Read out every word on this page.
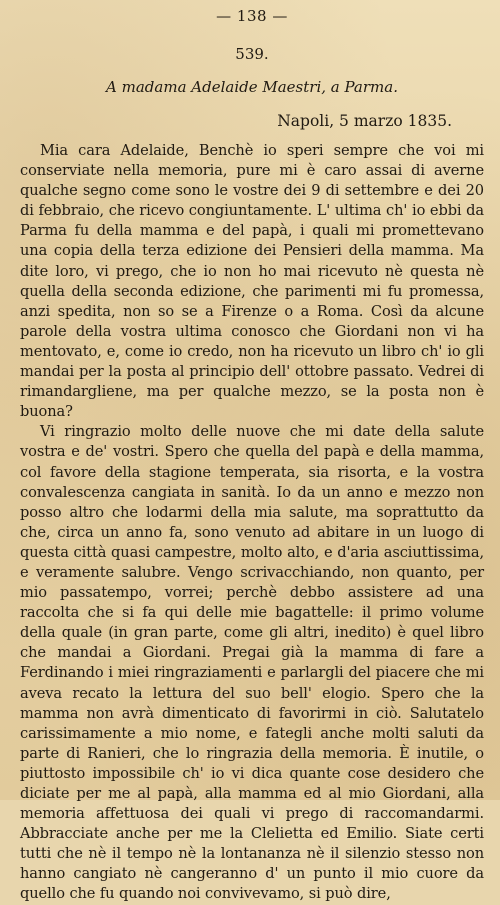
— 138 —
539.
A madama Adelaide Maestri, a Parma.
Napoli, 5 marzo 1835.

Mia cara Adelaide, Benchè io speri sempre che voi mi conserviate nella memoria, pure mi è caro assai di averne qualche segno come sono le vostre dei 9 di settembre e dei 20 di febbraio, che ricevo congiuntamente. L' ultima ch' io ebbi da Parma fu della mamma e del papà, i quali mi promettevano una copia della terza edizione dei Pensieri della mamma. Ma dite loro, vi prego, che io non ho mai ricevuto nè questa nè quella della seconda edizione, che parimenti mi fu promessa, anzi spedita, non so se a Firenze o a Roma. Così da alcune parole della vostra ultima conosco che Giordani non vi ha mentovato, e, come io credo, non ha ricevuto un libro ch' io gli mandai per la posta al principio dell' ottobre passato. Vedrei di rimandargliene, ma per qualche mezzo, se la posta non è buona?

Vi ringrazio molto delle nuove che mi date della salute vostra e de' vostri. Spero che quella del papà e della mamma, col favore della stagione temperata, sia risorta, e la vostra convalescenza cangiata in sanità. Io da un anno e mezzo non posso altro che lodarmi della mia salute, ma soprattutto da che, circa un anno fa, sono venuto ad abitare in un luogo di questa città quasi campestre, molto alto, e d'aria asciuttissima, e veramente salubre. Vengo scrivacchiando, non quanto, per mio passatempo, vorrei; perchè debbo assistere ad una raccolta che si fa qui delle mie bagattelle: il primo volume della quale (in gran parte, come gli altri, inedito) è quel libro che mandai a Giordani. Pregai già la mamma di fare a Ferdinando i miei ringraziamenti e parlargli del piacere che mi aveva recato la lettura del suo bell' elogio. Spero che la mamma non avrà dimenticato di favorirmi in ciò. Salutatelo carissimamente a mio nome, e fategli anche molti saluti da parte di Ranieri, che lo ringrazia della memoria. È inutile, o piuttosto impossibile ch' io vi dica quante cose desidero che diciate per me al papà, alla mamma ed al mio Giordani, alla memoria affettuosa dei quali vi prego di raccomandarmi. Abbracciate anche per me la Clelietta ed Emilio. Siate certi tutti che nè il tempo nè la lontananza nè il silenzio stesso non hanno cangiato nè cangeranno d' un punto il mio cuore da quello che fu quando noi convivevamo, si può dire,
